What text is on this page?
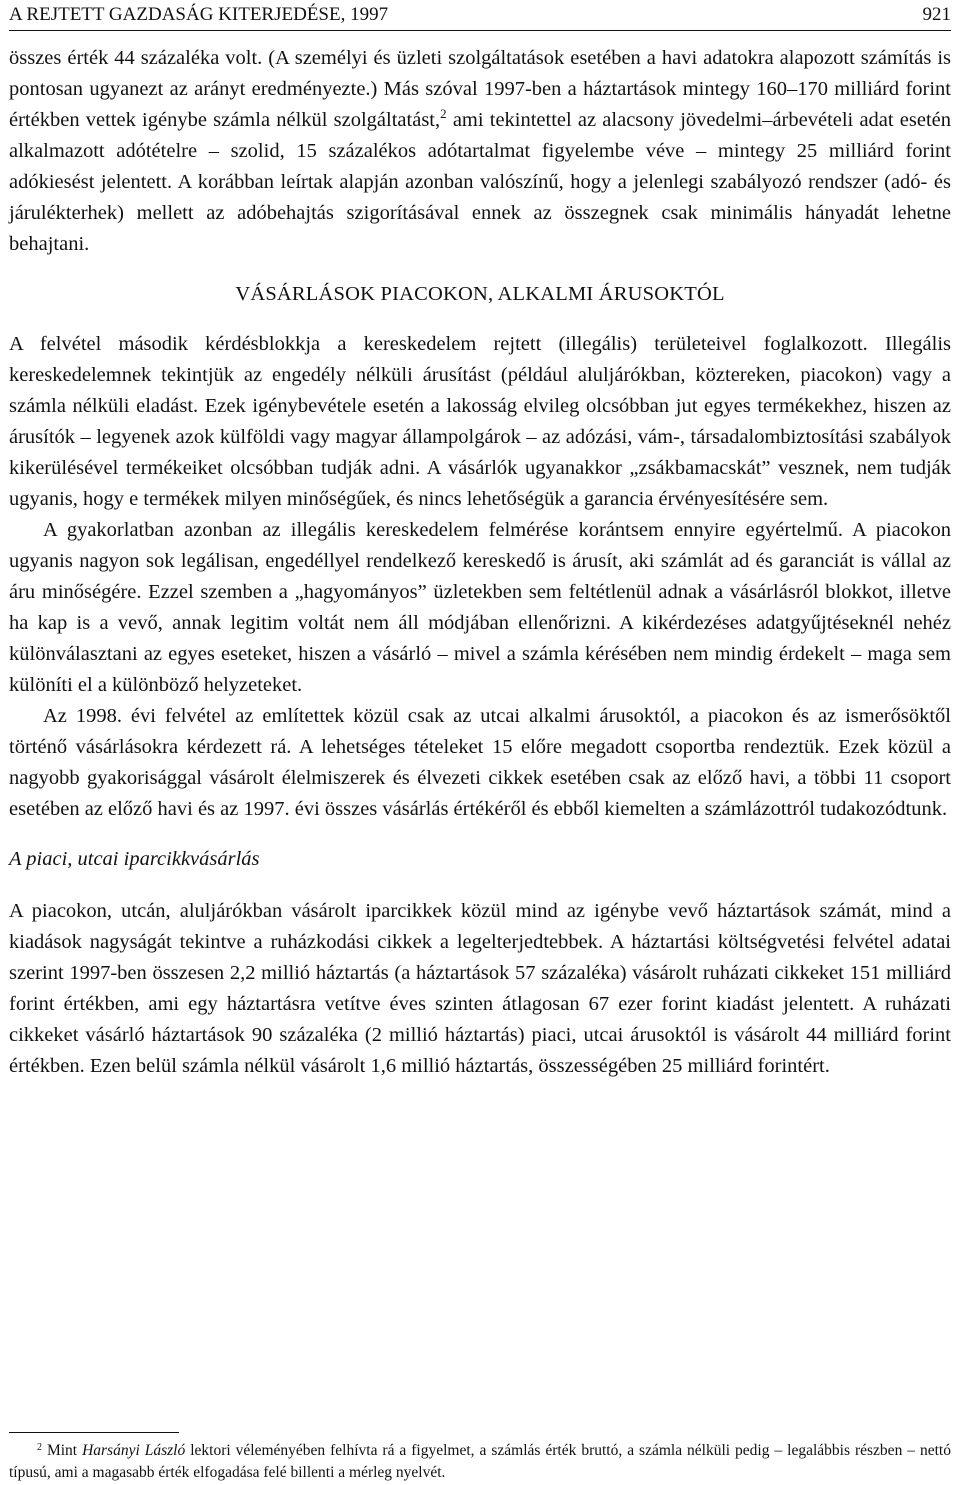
A REJTETT GAZDASÁG KITERJEDÉSE, 1997	921

összes érték 44 százaléka volt. (A személyi és üzleti szolgáltatások esetében a havi adatokra alapozott számítás is pontosan ugyanezt az arányt eredményezte.) Más szóval 1997-ben a háztartások mintegy 160–170 milliárd forint értékben vettek igénybe számla nélkül szolgáltatást,$^2$ ami tekintettel az alacsony jövedelmi–árbevételi adat esetén alkalmazott adótételre – szolid, 15 százalékos adótartalmat figyelembe véve – mintegy 25 milliárd forint adókiesést jelentett. A korábban leírtak alapján azonban valószínű, hogy a jelenlegi szabályozó rendszer (adó- és járulékterhek) mellett az adóbehajtás szigorításával ennek az összegnek csak minimális hányadát lehetne behajtani.

VÁSÁRLÁSOK PIACOKON, ALKALMI ÁRUSOKTÓL

A felvétel második kérdésblokkja a kereskedelem rejtett (illegális) területeivel foglalkozott. Illegális kereskedelemnek tekintjük az engedély nélküli árusítást (például aluljárókban, köztereken, piacokon) vagy a számla nélküli eladást. Ezek igénybevétele esetén a lakosság elvileg olcsóbban jut egyes termékekhez, hiszen az árusítók – legyenek azok külföldi vagy magyar állampolgárok – az adózási, vám-, társadalombiztosítási szabályok kikerülésével termékeiket olcsóbban tudják adni. A vásárlók ugyanakkor „zsákbamacskát” vesznek, nem tudják ugyanis, hogy e termékek milyen minőségűek, és nincs lehetőségük a garancia érvényesítésére sem.

A gyakorlatban azonban az illegális kereskedelem felmérése korántsem ennyire egyértelmű. A piacokon ugyanis nagyon sok legálisan, engedéllyel rendelkező kereskedő is árusít, aki számlát ad és garanciát is vállal az áru minőségére. Ezzel szemben a „hagyományos” üzletekben sem feltétlenül adnak a vásárlásról blokkot, illetve ha kap is a vevő, annak legitim voltát nem áll módjában ellenőrizni. A kikérdezéses adatgyűjtéseknél nehéz különválasztani az egyes eseteket, hiszen a vásárló – mivel a számla kérésében nem mindig érdekelt – maga sem különíti el a különböző helyzeteket.

Az 1998. évi felvétel az említettek közül csak az utcai alkalmi árusoktól, a piacokon és az ismerősöktől történő vásárlásokra kérdezett rá. A lehetséges tételeket 15 előre megadott csoportba rendeztük. Ezek közül a nagyobb gyakorisággal vásárolt élelmiszerek és élvezeti cikkek esetében csak az előző havi, a többi 11 csoport esetében az előző havi és az 1997. évi összes vásárlás értékéről és ebből kiemelten a számlázottról tudakozódtunk.

A piaci, utcai iparcikkvásárlás

A piacokon, utcán, aluljárókban vásárolt iparcikkek közül mind az igénybe vevő háztartások számát, mind a kiadások nagyságát tekintve a ruházkodási cikkek a legelterjedtebbek. A háztartási költségvetési felvétel adatai szerint 1997-ben összesen 2,2 millió háztartás (a háztartások 57 százaléka) vásárolt ruházati cikkeket 151 milliárd forint értékben, ami egy háztartásra vetítve éves szinten átlagosan 67 ezer forint kiadást jelentett. A ruházati cikkeket vásárló háztartások 90 százaléka (2 millió háztartás) piaci, utcai árusoktól is vásárolt 44 milliárd forint értékben. Ezen belül számla nélkül vásárolt 1,6 millió háztartás, összességében 25 milliárd forintért.

$^2$ Mint Harsányi László lektori véleményében felhívta rá a figyelmet, a számlás érték bruttó, a számla nélküli pedig – legalábbis részben – nettó típusú, ami a magasabb érték elfogadása felé billenti a mérleg nyelvét.
